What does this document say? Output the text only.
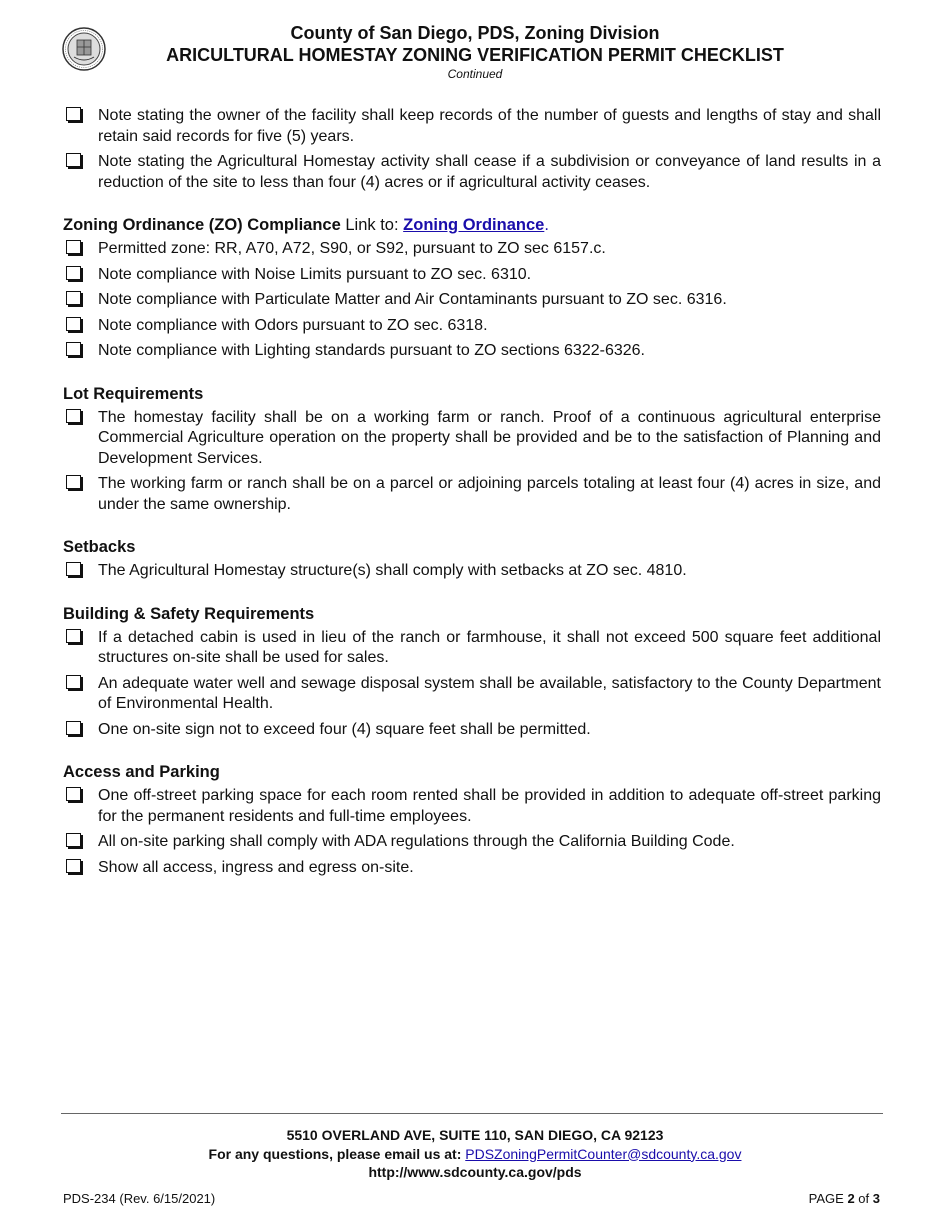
County of San Diego, PDS, Zoning Division
ARICULTURAL HOMESTAY ZONING VERIFICATION PERMIT CHECKLIST
Continued
Note stating the owner of the facility shall keep records of the number of guests and lengths of stay and shall retain said records for five (5) years.
Note stating the Agricultural Homestay activity shall cease if a subdivision or conveyance of land results in a reduction of the site to less than four (4) acres or if agricultural activity ceases.
Zoning Ordinance (ZO) Compliance Link to: Zoning Ordinance.
Permitted zone: RR, A70, A72, S90, or S92, pursuant to ZO sec 6157.c.
Note compliance with Noise Limits pursuant to ZO sec. 6310.
Note compliance with Particulate Matter and Air Contaminants pursuant to ZO sec. 6316.
Note compliance with Odors pursuant to ZO sec. 6318.
Note compliance with Lighting standards pursuant to ZO sections 6322-6326.
Lot Requirements
The homestay facility shall be on a working farm or ranch. Proof of a continuous agricultural enterprise Commercial Agriculture operation on the property shall be provided and be to the satisfaction of Planning and Development Services.
The working farm or ranch shall be on a parcel or adjoining parcels totaling at least four (4) acres in size, and under the same ownership.
Setbacks
The Agricultural Homestay structure(s) shall comply with setbacks at ZO sec. 4810.
Building & Safety Requirements
If a detached cabin is used in lieu of the ranch or farmhouse, it shall not exceed 500 square feet additional structures on-site shall be used for sales.
An adequate water well and sewage disposal system shall be available, satisfactory to the County Department of Environmental Health.
One on-site sign not to exceed four (4) square feet shall be permitted.
Access and Parking
One off-street parking space for each room rented shall be provided in addition to adequate off-street parking for the permanent residents and full-time employees.
All on-site parking shall comply with ADA regulations through the California Building Code.
Show all access, ingress and egress on-site.
5510 OVERLAND AVE, SUITE 110, SAN DIEGO, CA 92123
For any questions, please email us at: PDSZoningPermitCounter@sdcounty.ca.gov
http://www.sdcounty.ca.gov/pds
PDS-234 (Rev. 6/15/2021)	PAGE 2 of 3
